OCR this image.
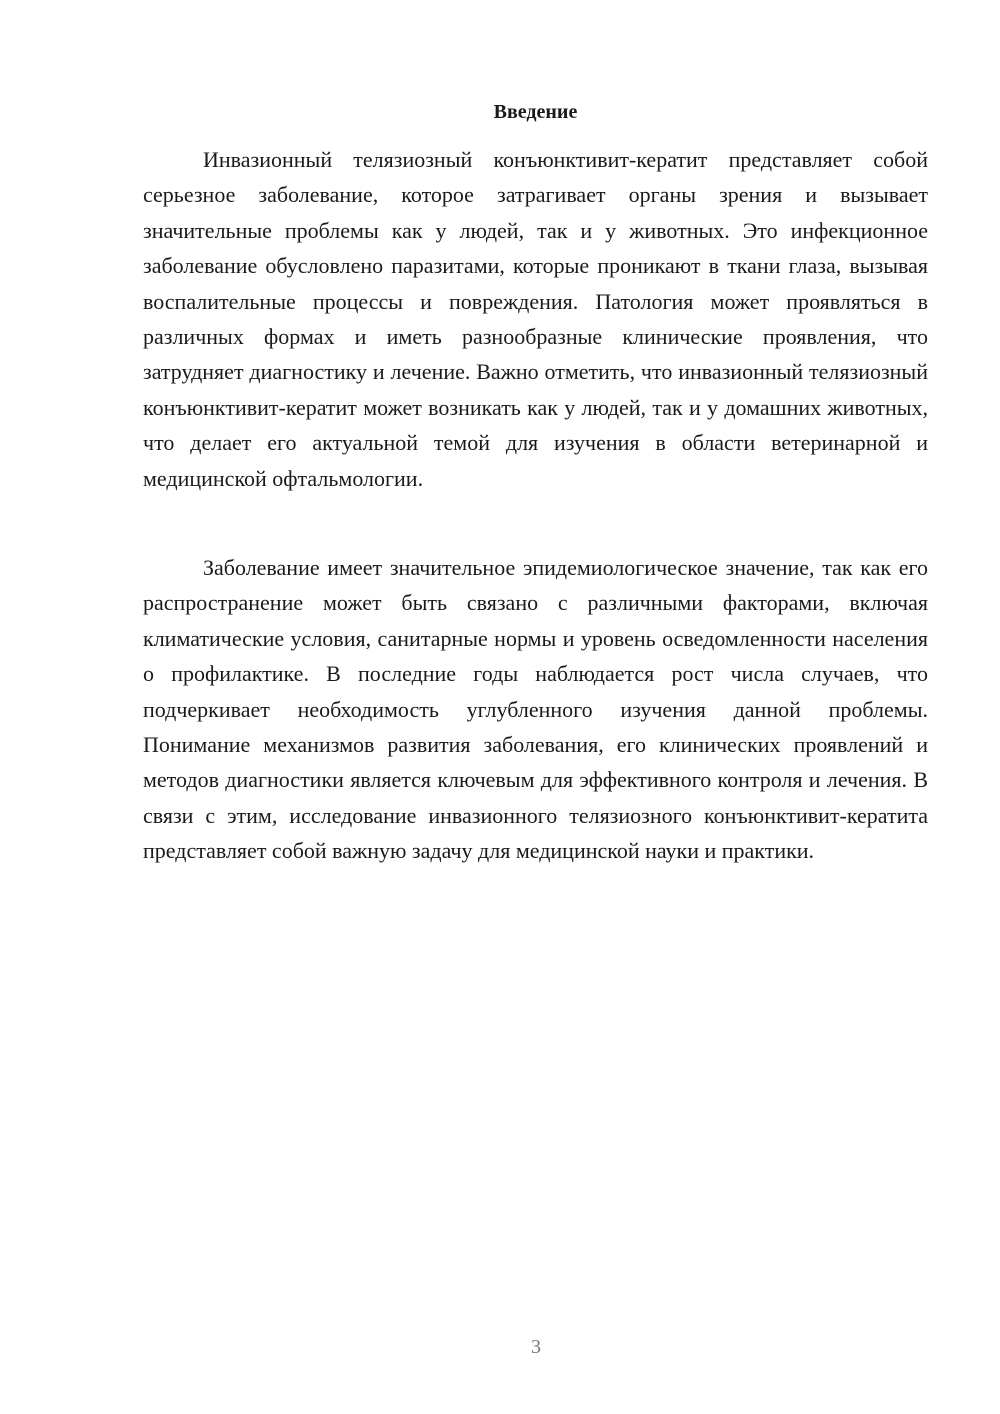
Введение

Инвазионный телязиозный конъюнктивит-кератит представляет собой серьезное заболевание, которое затрагивает органы зрения и вызывает значительные проблемы как у людей, так и у животных. Это инфекционное заболевание обусловлено паразитами, которые проникают в ткани глаза, вызывая воспалительные процессы и повреждения. Патология может проявляться в различных формах и иметь разнообразные клинические проявления, что затрудняет диагностику и лечение. Важно отметить, что инвазионный телязиозный конъюнктивит-кератит может возникать как у людей, так и у домашних животных, что делает его актуальной темой для изучения в области ветеринарной и медицинской офтальмологии.

Заболевание имеет значительное эпидемиологическое значение, так как его распространение может быть связано с различными факторами, включая климатические условия, санитарные нормы и уровень осведомленности населения о профилактике. В последние годы наблюдается рост числа случаев, что подчеркивает необходимость углубленного изучения данной проблемы. Понимание механизмов развития заболевания, его клинических проявлений и методов диагностики является ключевым для эффективного контроля и лечения. В связи с этим, исследование инвазионного телязиозного конъюнктивит-кератита представляет собой важную задачу для медицинской науки и практики.

3
